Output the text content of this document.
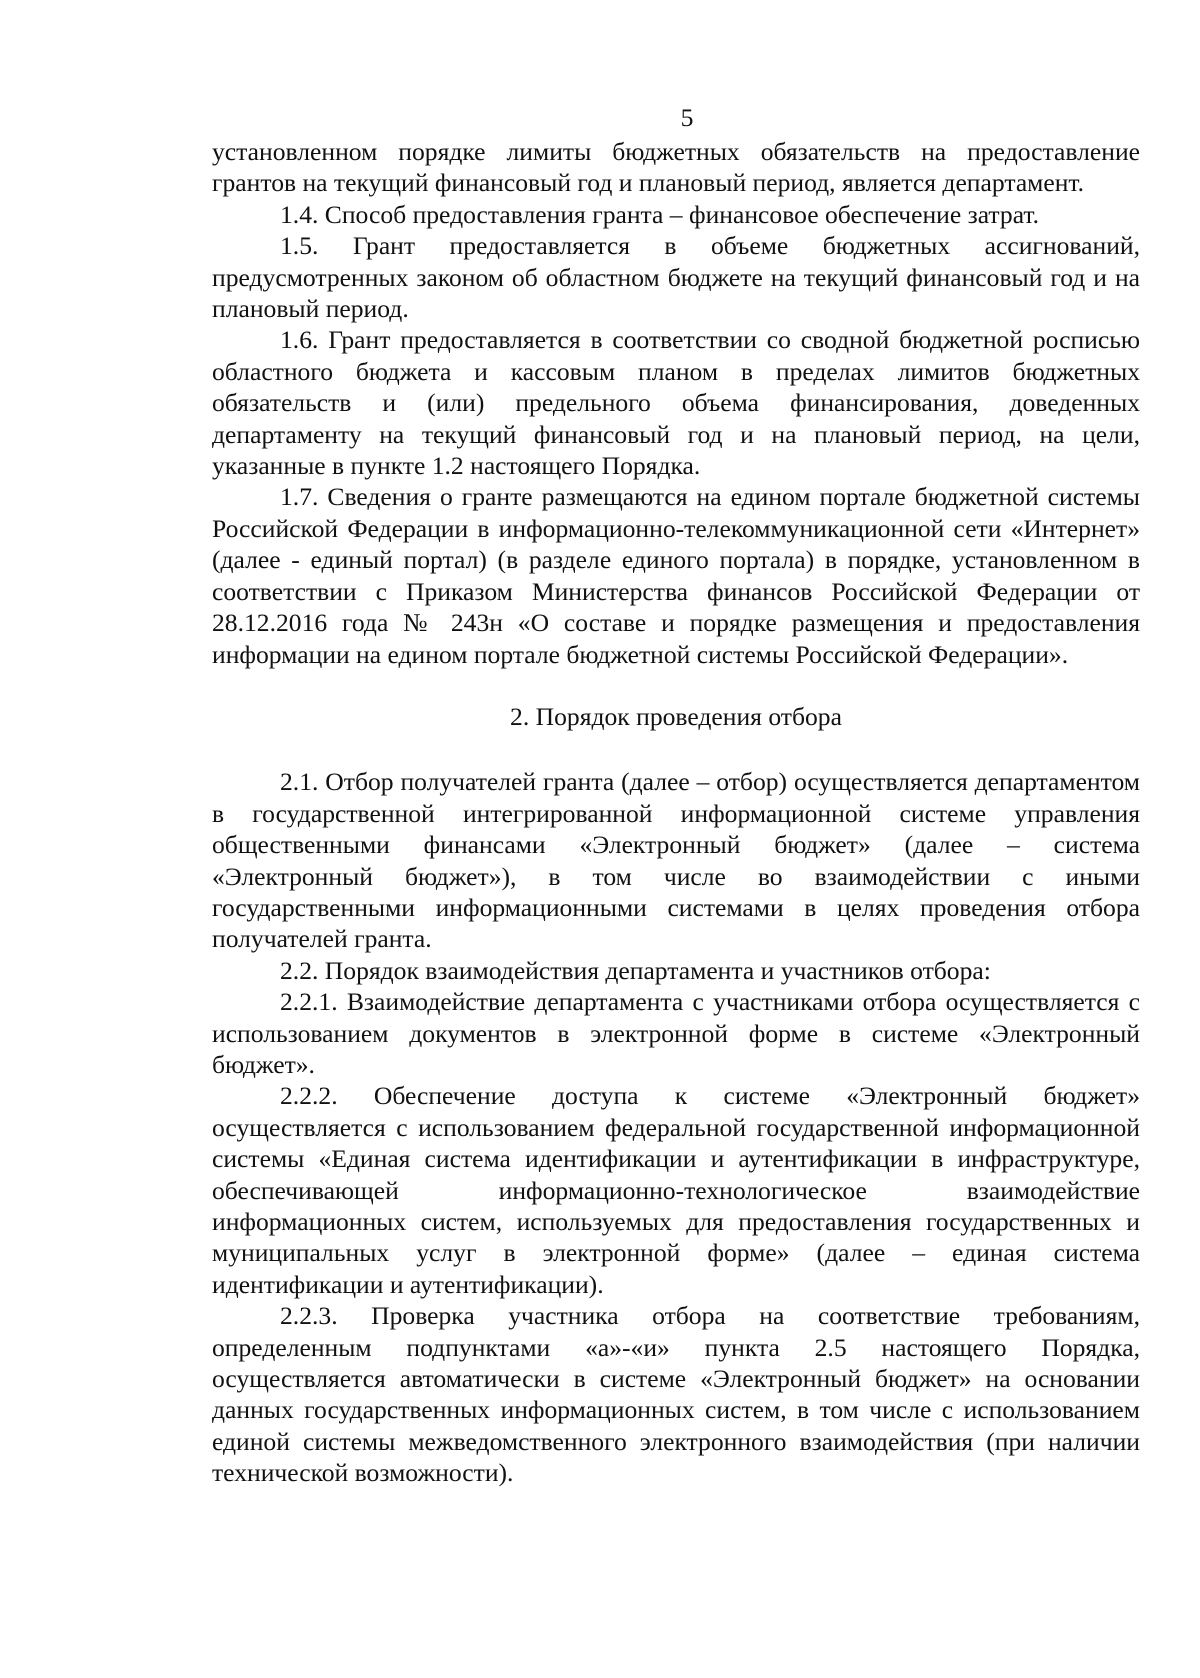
5

установленном порядке лимиты бюджетных обязательств на предоставление грантов на текущий финансовый год и плановый период, является департамент.

1.4. Способ предоставления гранта – финансовое обеспечение затрат.

1.5. Грант предоставляется в объеме бюджетных ассигнований, предусмотренных законом об областном бюджете на текущий финансовый год и на плановый период.

1.6. Грант предоставляется в соответствии со сводной бюджетной росписью областного бюджета и кассовым планом в пределах лимитов бюджетных обязательств и (или) предельного объема финансирования, доведенных департаменту на текущий финансовый год и на плановый период, на цели, указанные в пункте 1.2 настоящего Порядка.

1.7. Сведения о гранте размещаются на едином портале бюджетной системы Российской Федерации в информационно-телекоммуникационной сети «Интернет» (далее - единый портал) (в разделе единого портала) в порядке, установленном в соответствии с Приказом Министерства финансов Российской Федерации от 28.12.2016 года № 243н «О составе и порядке размещения и предоставления информации на едином портале бюджетной системы Российской Федерации».

2. Порядок проведения отбора

2.1. Отбор получателей гранта (далее – отбор) осуществляется департаментом в государственной интегрированной информационной системе управления общественными финансами «Электронный бюджет» (далее – система «Электронный бюджет»), в том числе во взаимодействии с иными государственными информационными системами в целях проведения отбора получателей гранта.

2.2. Порядок взаимодействия департамента и участников отбора:

2.2.1. Взаимодействие департамента с участниками отбора осуществляется с использованием документов в электронной форме в системе «Электронный бюджет».

2.2.2. Обеспечение доступа к системе «Электронный бюджет» осуществляется с использованием федеральной государственной информационной системы «Единая система идентификации и аутентификации в инфраструктуре, обеспечивающей информационно-технологическое взаимодействие информационных систем, используемых для предоставления государственных и муниципальных услуг в электронной форме» (далее – единая система идентификации и аутентификации).

2.2.3. Проверка участника отбора на соответствие требованиям, определенным подпунктами «а»-«и» пункта 2.5 настоящего Порядка, осуществляется автоматически в системе «Электронный бюджет» на основании данных государственных информационных систем, в том числе с использованием единой системы межведомственного электронного взаимодействия (при наличии технической возможности).
